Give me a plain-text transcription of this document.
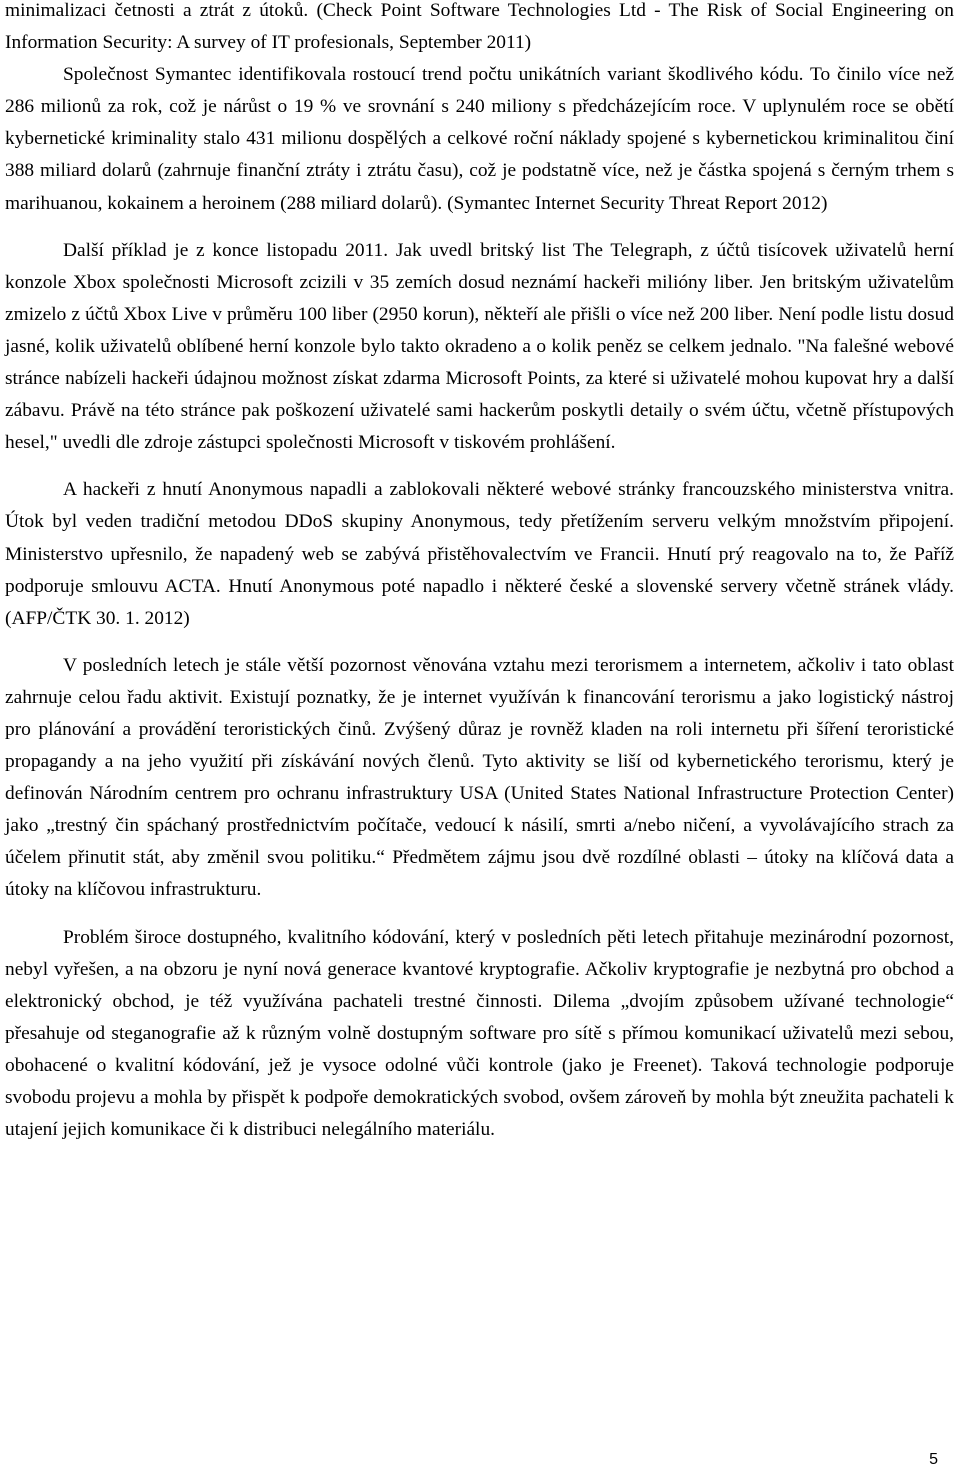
minimalizaci četnosti a ztrát z útoků. (Check Point Software Technologies Ltd - The Risk of Social Engineering on Information Security: A survey of IT profesionals, September 2011)

Společnost Symantec identifikovala rostoucí trend počtu unikátních variant škodlivého kódu. To činilo více než 286 milionů za rok, což je nárůst o 19 % ve srovnání s 240 miliony s předcházejícím roce. V uplynulém roce se obětí kybernetické kriminality stalo 431 milionu dospělých a celkové roční náklady spojené s kybernetickou kriminalitou činí 388 miliard dolarů (zahrnuje finanční ztráty i ztrátu času), což je podstatně více, než je částka spojená s černým trhem s marihuanou, kokainem a heroinem (288 miliard dolarů). (Symantec Internet Security Threat Report 2012)

Další příklad je z konce listopadu 2011. Jak uvedl britský list The Telegraph, z účtů tisícovek uživatelů herní konzole Xbox společnosti Microsoft zcizili v 35 zemích dosud neznámí hackeři milióny liber. Jen britským uživatelům zmizelo z účtů Xbox Live v průměru 100 liber (2950 korun), někteří ale přišli o více než 200 liber. Není podle listu dosud jasné, kolik uživatelů oblíbené herní konzole bylo takto okradeno a o kolik peněz se celkem jednalo. "Na falešné webové stránce nabízeli hackeři údajnou možnost získat zdarma Microsoft Points, za které si uživatelé mohou kupovat hry a další zábavu. Právě na této stránce pak poškození uživatelé sami hackerům poskytli detaily o svém účtu, včetně přístupových hesel," uvedli dle zdroje zástupci společnosti Microsoft v tiskovém prohlášení.

A hackeři z hnutí Anonymous napadli a zablokovali některé webové stránky francouzského ministerstva vnitra. Útok byl veden tradiční metodou DDoS skupiny Anonymous, tedy přetížením serveru velkým množstvím připojení. Ministerstvo upřesnilo, že napadený web se zabývá přistěhovalectvím ve Francii. Hnutí prý reagovalo na to, že Paříž podporuje smlouvu ACTA. Hnutí Anonymous poté napadlo i některé české a slovenské servery včetně stránek vlády. (AFP/ČTK 30. 1. 2012)

V posledních letech je stále větší pozornost věnována vztahu mezi terorismem a internetem, ačkoliv i tato oblast zahrnuje celou řadu aktivit. Existují poznatky, že je internet využíván k financování terorismu a jako logistický nástroj pro plánování a provádění teroristických činů. Zvýšený důraz je rovněž kladen na roli internetu při šíření teroristické propagandy a na jeho využití při získávání nových členů. Tyto aktivity se liší od kybernetického terorismu, který je definován Národním centrem pro ochranu infrastruktury USA (United States National Infrastructure Protection Center) jako „trestný čin spáchaný prostřednictvím počítače, vedoucí k násilí, smrti a/nebo ničení, a vyvolávajícího strach za účelem přinutit stát, aby změnil svou politiku.“ Předmětem zájmu jsou dvě rozdílné oblasti – útoky na klíčová data a útoky na klíčovou infrastrukturu.

Problém široce dostupného, kvalitního kódování, který v posledních pěti letech přitahuje mezinárodní pozornost, nebyl vyřešen, a na obzoru je nyní nová generace kvantové kryptografie. Ačkoliv kryptografie je nezbytná pro obchod a elektronický obchod, je též využívána pachateli trestné činnosti. Dilema „dvojím způsobem užívané technologie“ přesahuje od steganografie až k různým volně dostupným software pro sítě s přímou komunikací uživatelů mezi sebou, obohacené o kvalitní kódování, jež je vysoce odolné vůči kontrole (jako je Freenet). Taková technologie podporuje svobodu projevu a mohla by přispět k podpoře demokratických svobod, ovšem zároveň by mohla být zneužita pachateli k utajení jejich komunikace či k distribuci nelegálního materiálu.

5
